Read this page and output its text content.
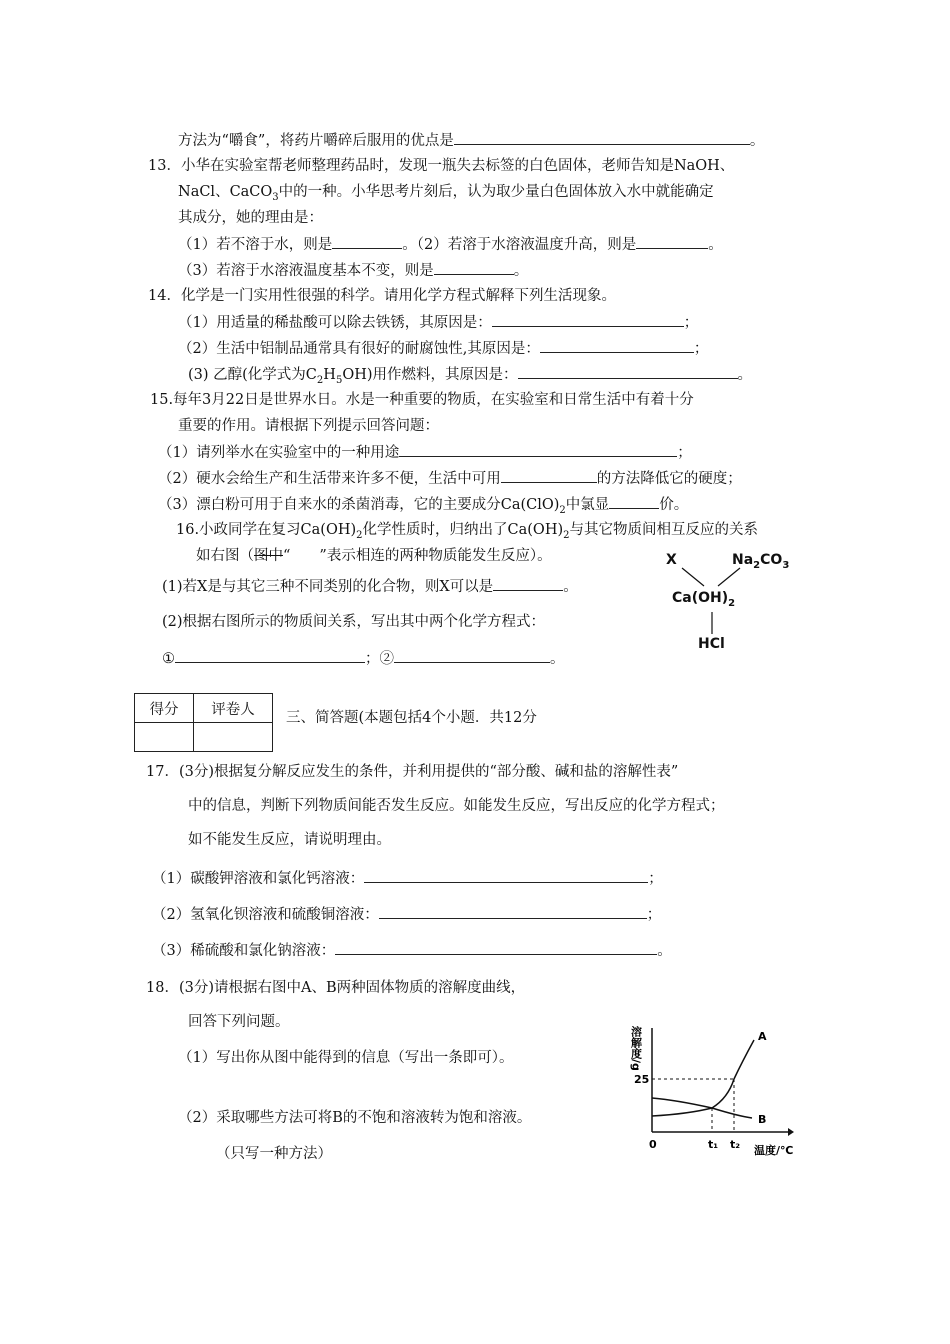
方法为“嚼食”，将药片嚼碎后服用的优点是	。
13．小华在实验室帮老师整理药品时，发现一瓶失去标签的白色固体，老师告知是NaOH、
NaCl、CaCO$_3$中的一种。小华思考片刻后，认为取少量白色固体放入水中就能确定
其成分，她的理由是：
（1）若不溶于水，则是	。（2）若溶于水溶液温度升高，则是	。
（3）若溶于水溶液温度基本不变，则是	。
14．化学是一门实用性很强的科学。请用化学方程式解释下列生活现象。
（1）用适量的稀盐酸可以除去铁锈，其原因是：	；
（2）生活中铝制品通常具有很好的耐腐蚀性,其原因是：	；
(3) 乙醇(化学式为$C_2H_5OH$)用作燃料，其原因是：	。
15.每年3月22日是世界水日。水是一种重要的物质，在实验室和日常生活中有着十分
重要的作用。请根据下列提示回答问题：
（1）请列举水在实验室中的一种用途	；
（2）硬水会给生产和生活带来许多不便，生活中可用	的方法降低它的硬度；
（3）漂白粉可用于自来水的杀菌消毒，它的主要成分$Ca(ClO)_2$中氯显	价。
16.小政同学在复习$Ca(OH)_2$化学性质时，归纳出了$Ca(OH)_2$与其它物质间相互反应的关系
如右图（图中“　　”表示相连的两种物质能发生反应）。
(1)若X是与其它三种不同类别的化合物，则X可以是	。
(2)根据右图所示的物质间关系，写出其中两个化学方程式：
①	；②	。
X	$Na_2CO_3$
$Ca(OH)_2$
HCl
得分	评卷人

三、简答题(本题包括4个小题．共12分
17．(3分)根据复分解反应发生的条件，并利用提供的“部分酸、碱和盐的溶解性表”
中的信息，判断下列物质间能否发生反应。如能发生反应，写出反应的化学方程式；
如不能发生反应，请说明理由。
（1）碳酸钾溶液和氯化钙溶液：	；
（2）氢氧化钡溶液和硫酸铜溶液：	；
（3）稀硫酸和氯化钠溶液：	。
18．(3分)请根据右图中A、B两种固体物质的溶解度曲线，
回答下列问题。
（1）写出你从图中能得到的信息（写出一条即可）。
（2）采取哪些方法可将B的不饱和溶液转为饱和溶液。
（只写一种方法）
溶解度/g
温度/℃
0	t₁ t₂
25
A
B
